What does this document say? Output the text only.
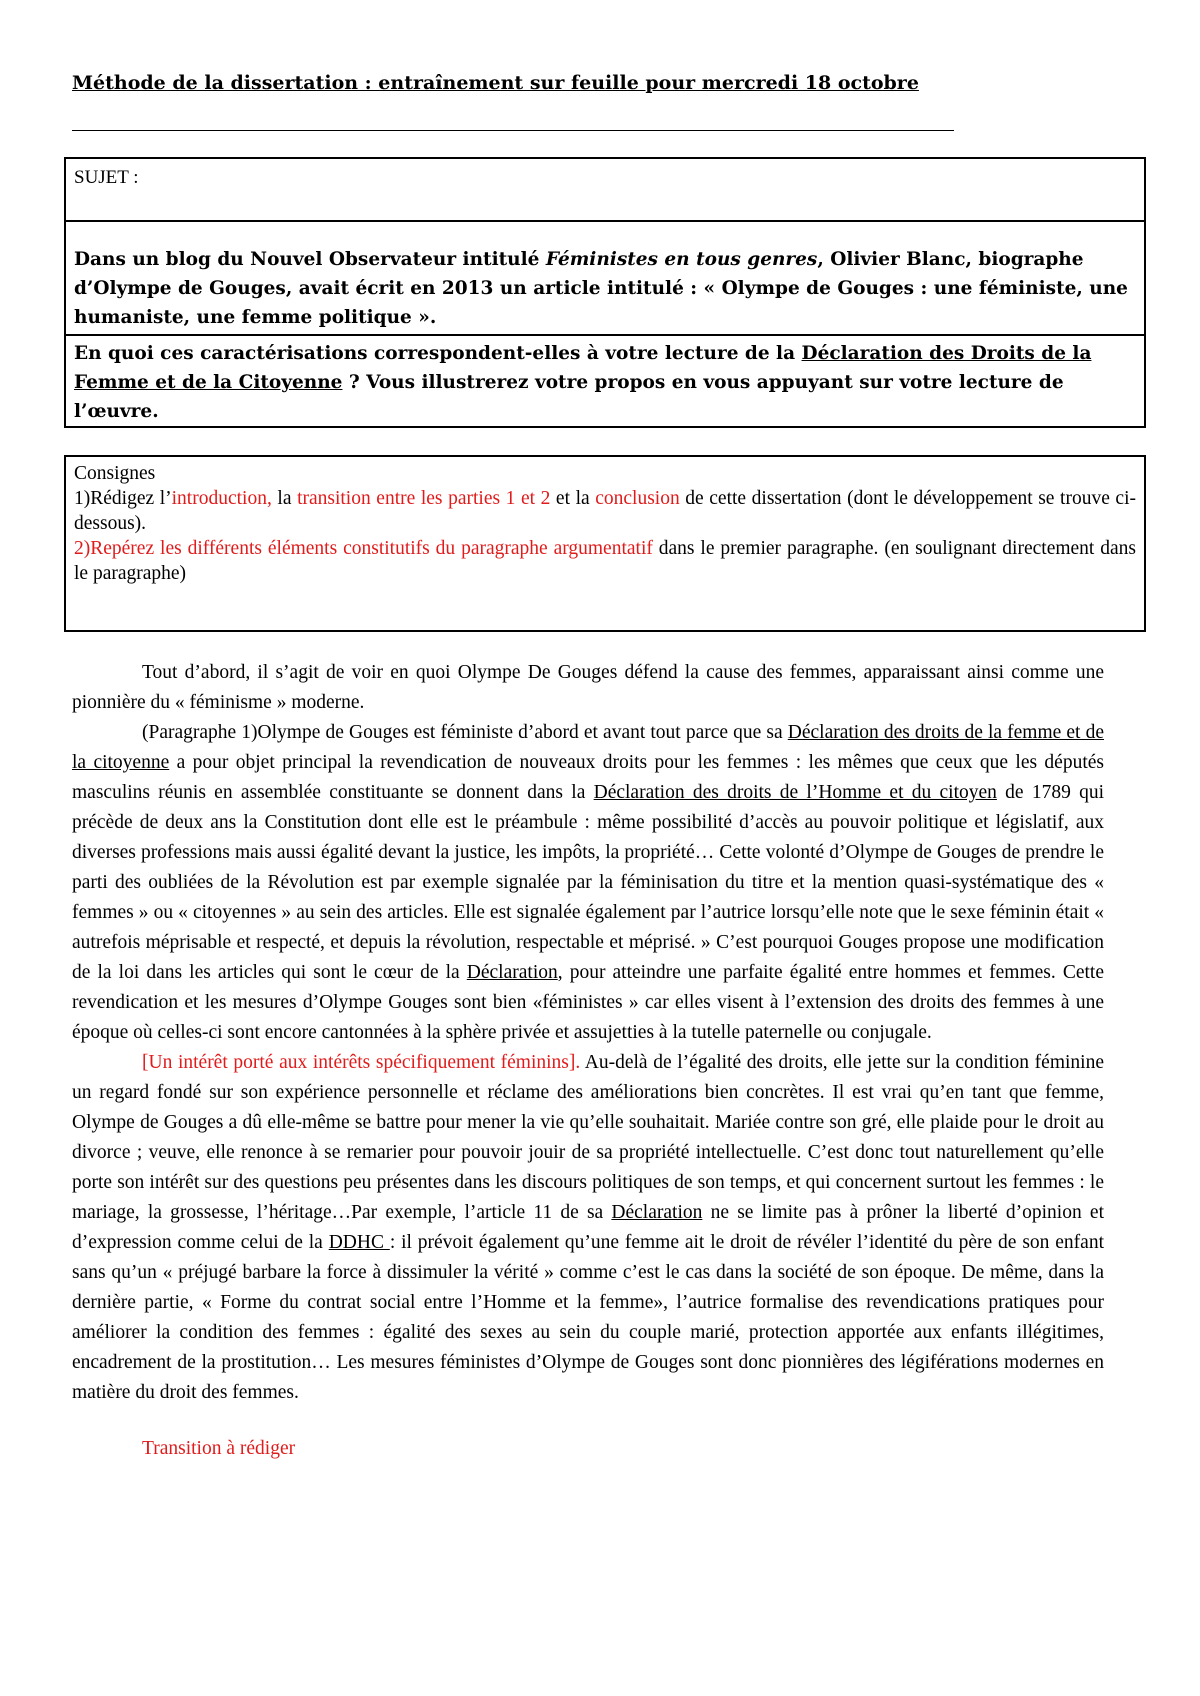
Méthode de la dissertation : entraînement sur feuille pour mercredi 18 octobre
SUJET :
Dans un blog du Nouvel Observateur intitulé Féministes en tous genres, Olivier Blanc, biographe d’Olympe de Gouges, avait écrit en 2013 un article intitulé : « Olympe de Gouges : une féministe, une humaniste, une femme politique ».
En quoi ces caractérisations correspondent-elles à votre lecture de la Déclaration des Droits de la Femme et de la Citoyenne ? Vous illustrerez votre propos en vous appuyant sur votre lecture de l’œuvre.
Consignes
1)Rédigez l’introduction, la transition entre les parties 1 et 2 et la conclusion de cette dissertation (dont le développement se trouve ci-dessous).
2)Repérez les différents éléments constitutifs du paragraphe argumentatif dans le premier paragraphe. (en soulignant directement dans le paragraphe)

Tout d’abord, il s’agit de voir en quoi Olympe De Gouges défend la cause des femmes, apparaissant ainsi comme une pionnière du « féminisme » moderne.

(Paragraphe 1)Olympe de Gouges est féministe d’abord et avant tout parce que sa Déclaration des droits de la femme et de la citoyenne a pour objet principal la revendication de nouveaux droits pour les femmes : les mêmes que ceux que les députés masculins réunis en assemblée constituante se donnent dans la Déclaration des droits de l’Homme et du citoyen de 1789 qui précède de deux ans la Constitution dont elle est le préambule : même possibilité d’accès au pouvoir politique et législatif, aux diverses professions mais aussi égalité devant la justice, les impôts, la propriété… Cette volonté d’Olympe de Gouges de prendre le parti des oubliées de la Révolution est par exemple signalée par la féminisation du titre et la mention quasi-systématique des « femmes » ou « citoyennes » au sein des articles. Elle est signalée également par l’autrice lorsqu’elle note que le sexe féminin était « autrefois méprisable et respecté, et depuis la révolution, respectable et méprisé. » C’est pourquoi Gouges propose une modification de la loi dans les articles qui sont le cœur de la Déclaration, pour atteindre une parfaite égalité entre hommes et femmes. Cette revendication et les mesures d’Olympe Gouges sont bien «féministes » car elles visent à l’extension des droits des femmes à une époque où celles-ci sont encore cantonnées à la sphère privée et assujetties à la tutelle paternelle ou conjugale.

[Un intérêt porté aux intérêts spécifiquement féminins]. Au-delà de l’égalité des droits, elle jette sur la condition féminine un regard fondé sur son expérience personnelle et réclame des améliorations bien concrètes. Il est vrai qu’en tant que femme, Olympe de Gouges a dû elle-même se battre pour mener la vie qu’elle souhaitait. Mariée contre son gré, elle plaide pour le droit au divorce ; veuve, elle renonce à se remarier pour pouvoir jouir de sa propriété intellectuelle. C’est donc tout naturellement qu’elle porte son intérêt sur des questions peu présentes dans les discours politiques de son temps, et qui concernent surtout les femmes : le mariage, la grossesse, l’héritage…Par exemple, l’article 11 de sa Déclaration ne se limite pas à prôner la liberté d’opinion et d’expression comme celui de la DDHC : il prévoit également qu’une femme ait le droit de révéler l’identité du père de son enfant sans qu’un « préjugé barbare la force à dissimuler la vérité » comme c’est le cas dans la société de son époque. De même, dans la dernière partie, « Forme du contrat social entre l’Homme et la femme», l’autrice formalise des revendications pratiques pour améliorer la condition des femmes : égalité des sexes au sein du couple marié, protection apportée aux enfants illégitimes, encadrement de la prostitution… Les mesures féministes d’Olympe de Gouges sont donc pionnières des légiférations modernes en matière du droit des femmes.

Transition à rédiger
